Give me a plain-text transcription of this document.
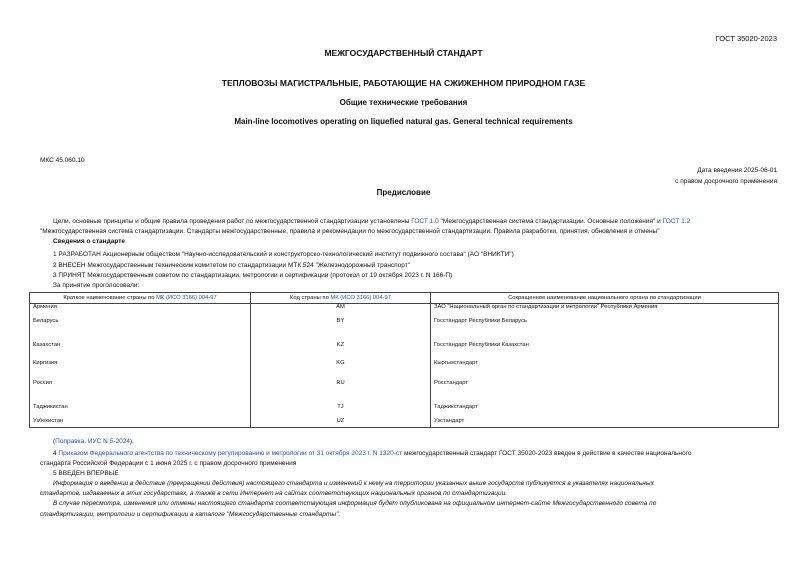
ГОСТ 35020-2023
МЕЖГОСУДАРСТВЕННЫЙ СТАНДАРТ
ТЕПЛОВОЗЫ МАГИСТРАЛЬНЫЕ, РАБОТАЮЩИЕ НА СЖИЖЕННОМ ПРИРОДНОМ ГАЗЕ
Общие технические требования
Main-line locomotives operating on liquefied natural gas. General technical requirements
МКС 45.060.10
Дата введения 2025-06-01
с правом досрочного применения
Предисловие
Цели, основные принципы и общие правила проведения работ по межгосударственной стандартизации установлены ГОСТ 1.0 "Межгосударственная система стандартизации. Основные положения" и ГОСТ 1.2
"Межгосударственная система стандартизации. Стандарты межгосударственные, правила и рекомендации по межгосударственной стандартизации. Правила разработки, принятия, обновления и отмены"
Сведения о стандарте
1 РАЗРАБОТАН Акционерным обществом "Научно-исследовательский и конструкторско-технологический институт подвижного состава" (АО "ВНИКТИ")
2 ВНЕСЕН Межгосударственным техническим комитетом по стандартизации МТК 524 "Железнодорожный транспорт"
3 ПРИНЯТ Межгосударственным советом по стандартизации, метрологии и сертификации (протокол от 19 октября 2023 г. N 166-П)
За принятие проголосовали:
Краткое наименование страны по МК (ИСО 3166) 004-97	Код страны по МК (ИСО 3166) 004-97	Сокращенное наименование национального органа по стандартизации
Армения	AM	ЗАО "Национальный орган по стандартизации и метрологии" Республики Армения
Беларусь	BY	Госстандарт Республики Беларусь
Казахстан	KZ	Госстандарт Республики Казахстан
Киргизия	KG	Кыргызстандарт
Россия	RU	Росстандарт
Таджикистан	TJ	Таджикстандарт
Узбекистан	UZ	Узстандарт
(Поправка. ИУС N 5-2024).
4 Приказом Федерального агентства по техническому регулированию и метрологии от 31 октября 2023 г. N 1320-ст межгосударственный стандарт ГОСТ 35020-2023 введен в действие в качестве национального
стандарта Российской Федерации с 1 июня 2025 г. с правом досрочного применения
5 ВВЕДЕН ВПЕРВЫЕ
Информация о введении в действие (прекращении действия) настоящего стандарта и изменений к нему на территории указанных выше государств публикуется в указателях национальных
стандартов, издаваемых в этих государствах, а также в сети Интернет на сайтах соответствующих национальных органов по стандартизации.
В случае пересмотра, изменения или отмены настоящего стандарта соответствующая информация будет опубликована на официальном интернет-сайте Межгосударственного совета по
стандартизации, метрологии и сертификации в каталоге "Межгосударственные стандарты".
